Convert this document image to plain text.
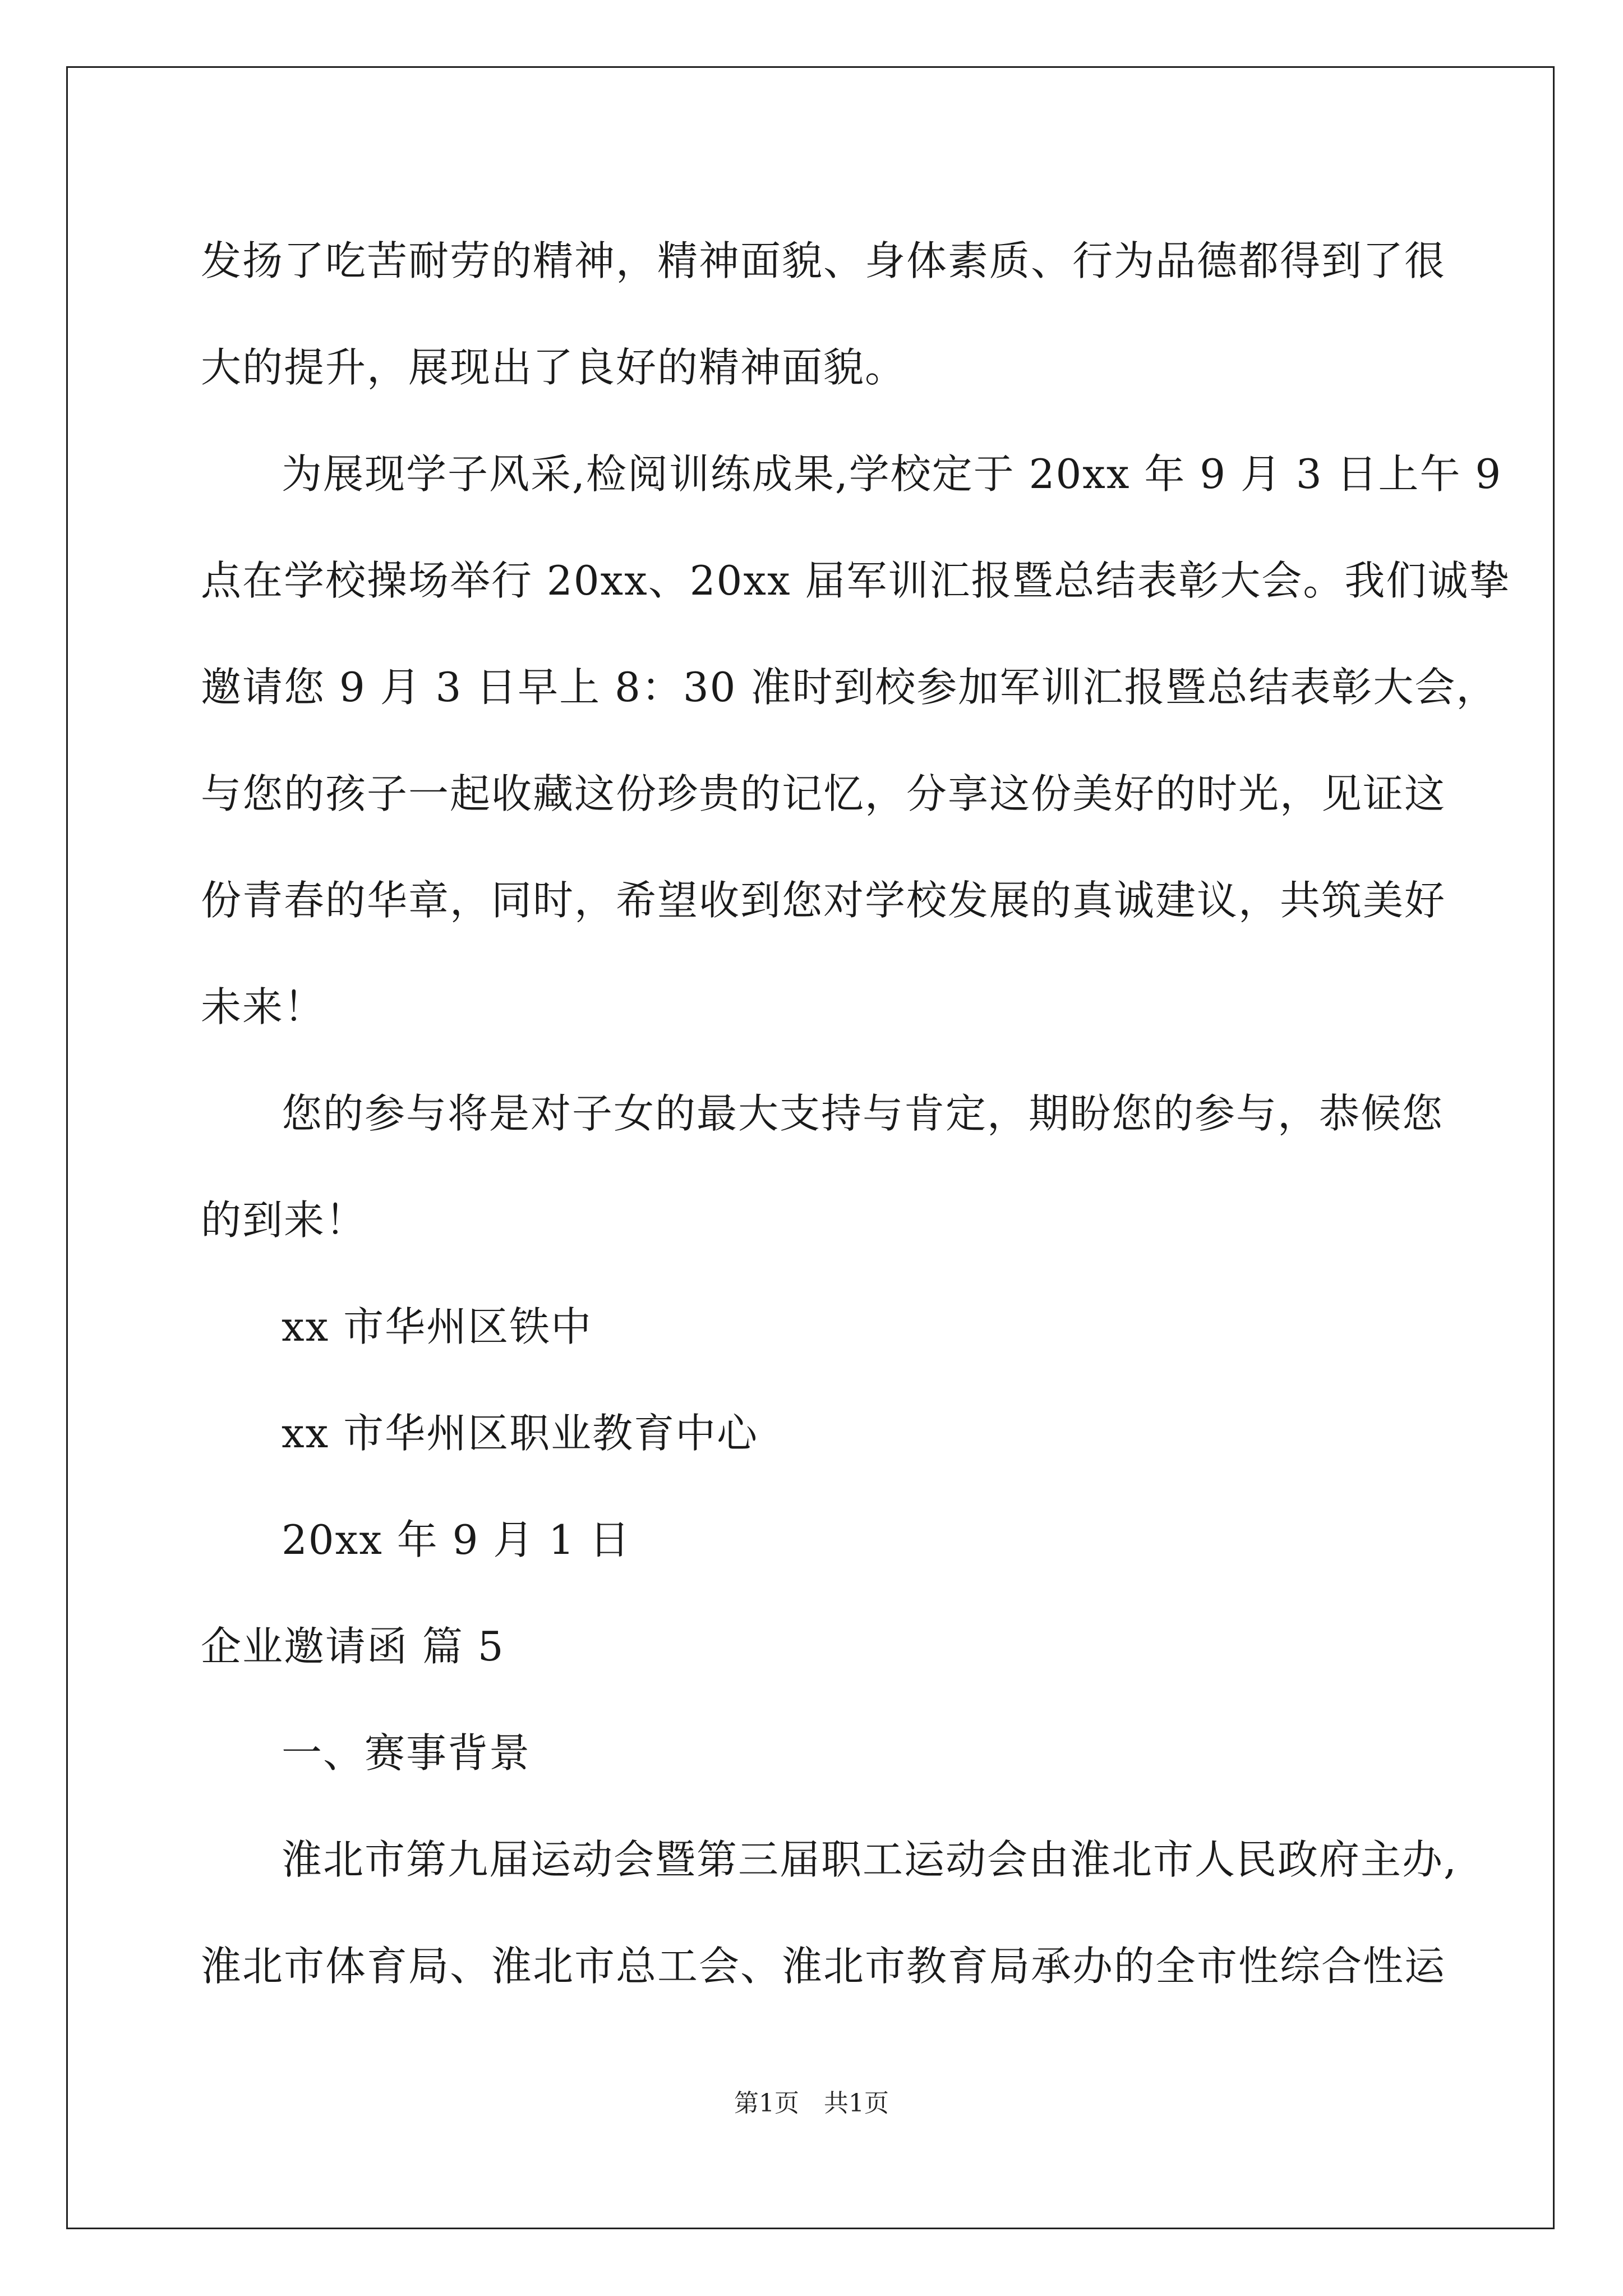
发扬了吃苦耐劳的精神，精神面貌、身体素质、行为品德都得到了很
大的提升，展现出了良好的精神面貌。
为展现学子风采,检阅训练成果,学校定于 20xx 年 9 月 3 日上午 9
点在学校操场举行 20xx、20xx 届军训汇报暨总结表彰大会。我们诚挚
邀请您 9 月 3 日早上 8：30 准时到校参加军训汇报暨总结表彰大会，
与您的孩子一起收藏这份珍贵的记忆，分享这份美好的时光，见证这
份青春的华章，同时，希望收到您对学校发展的真诚建议，共筑美好
未来！
您的参与将是对子女的最大支持与肯定，期盼您的参与，恭候您
的到来！
xx 市华州区铁中
xx 市华州区职业教育中心
20xx 年 9 月 1 日
企业邀请函 篇 5
一、赛事背景
淮北市第九届运动会暨第三届职工运动会由淮北市人民政府主办,
淮北市体育局、淮北市总工会、淮北市教育局承办的全市性综合性运
第1页　共1页
